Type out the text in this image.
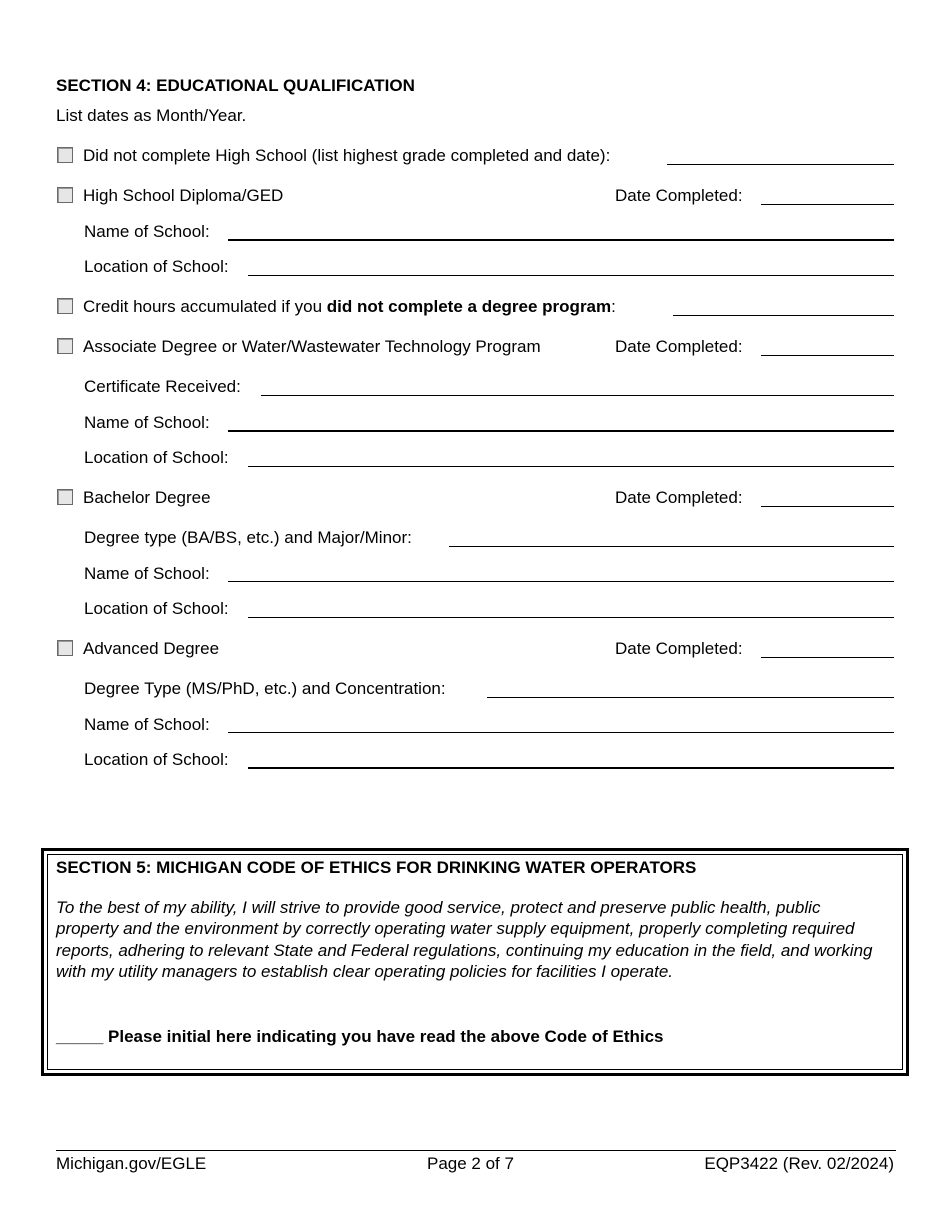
SECTION 4: EDUCATIONAL QUALIFICATION
List dates as Month/Year.
Did not complete High School (list highest grade completed and date):
High School Diploma/GED	Date Completed:
Name of School:
Location of School:
Credit hours accumulated if you did not complete a degree program:
Associate Degree or Water/Wastewater Technology Program	Date Completed:
Certificate Received:
Name of School:
Location of School:
Bachelor Degree	Date Completed:
Degree type (BA/BS, etc.) and Major/Minor:
Name of School:
Location of School:
Advanced Degree	Date Completed:
Degree Type (MS/PhD, etc.) and Concentration:
Name of School:
Location of School:
SECTION 5: MICHIGAN CODE OF ETHICS FOR DRINKING WATER OPERATORS
To the best of my ability, I will strive to provide good service, protect and preserve public health, public property and the environment by correctly operating water supply equipment, properly completing required reports, adhering to relevant State and Federal regulations, continuing my education in the field, and working with my utility managers to establish clear operating policies for facilities I operate.
_____ Please initial here indicating you have read the above Code of Ethics
Michigan.gov/EGLE	Page 2 of 7	EQP3422 (Rev. 02/2024)
